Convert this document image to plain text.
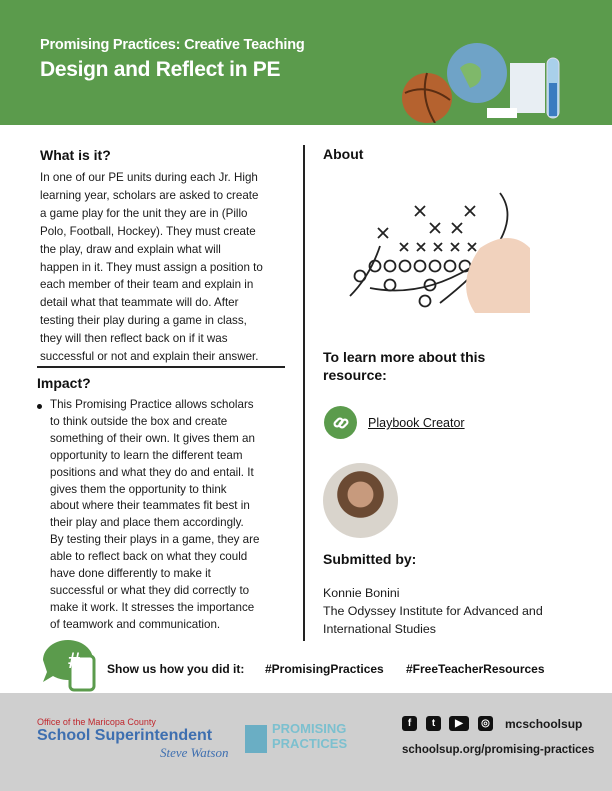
Promising Practices: Creative Teaching
Design and Reflect in PE
What is it?
In one of our PE units during each Jr. High
learning year, scholars are asked to create
a game play for the unit they are in (Pillo
Polo, Football, Hockey). They must create
the play, draw and explain what will
happen in it. They must assign a position to
each member of their team and explain in
detail what that teammate will do. After
testing their play during a game in class,
they will then reflect back on if it was
successful or not and explain their answer.
Impact?
This Promising Practice allows scholars
to think outside the box and create
something of their own. It gives them an
opportunity to learn the different team
positions and what they do and entail. It
gives them the opportunity to think
about where their teammates fit best in
their play and place them accordingly.
By testing their plays in a game, they are
able to reflect back on what they could
have done differently to make it
successful or what they did correctly to
make it work. It stresses the importance
of teamwork and communication.
About
To learn more about this
resource:
Playbook Creator
Submitted by:
Konnie Bonini
The Odyssey Institute for Advanced and
International Studies
# Show us how you did it: #PromisingPractices #FreeTeacherResources
Office of the Maricopa County
School Superintendent
Steve Watson
PROMISING
PRACTICES
f	t	▶	◎ mcschoolsup
schoolsup.org/promising-practices
